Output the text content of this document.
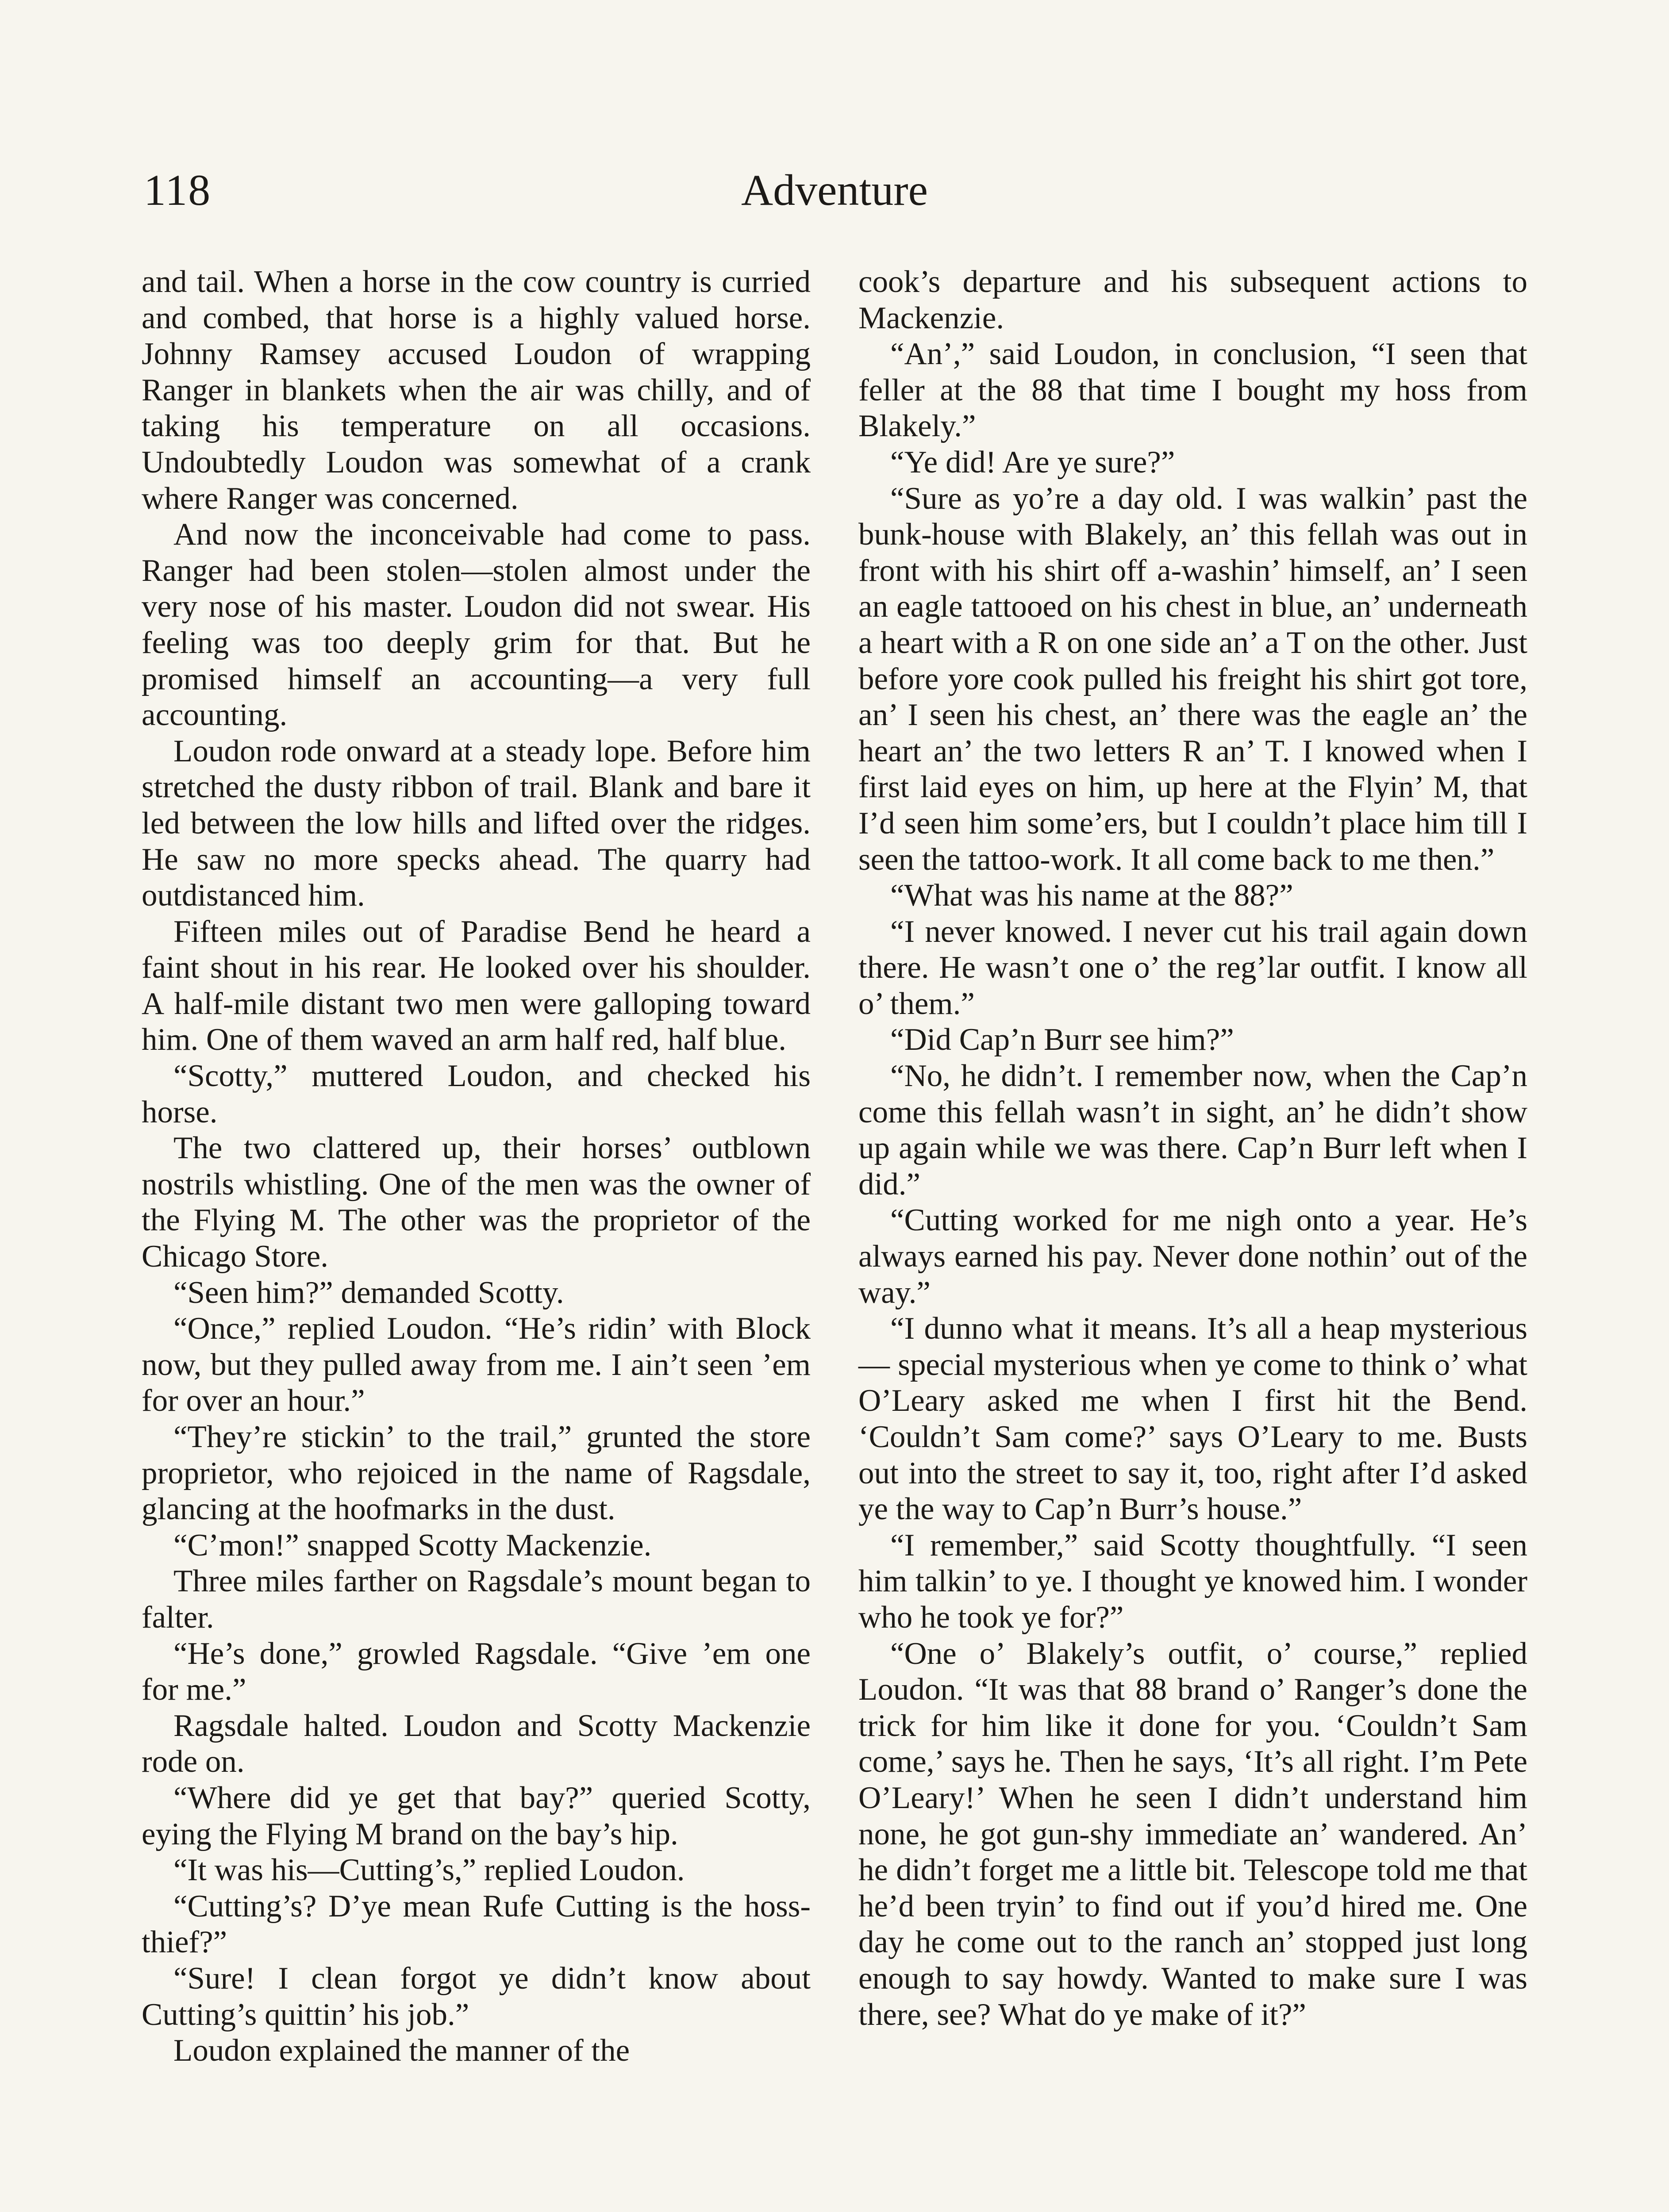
118	Adventure

and tail. When a horse in the cow country is curried and combed, that horse is a highly valued horse. Johnny Ramsey accused Loudon of wrapping Ranger in blankets when the air was chilly, and of taking his temperature on all occasions. Undoubtedly Loudon was somewhat of a crank where Ranger was concerned.

And now the inconceivable had come to pass. Ranger had been stolen—stolen almost under the very nose of his master. Loudon did not swear. His feeling was too deeply grim for that. But he promised himself an accounting—a very full accounting.

Loudon rode onward at a steady lope. Before him stretched the dusty ribbon of trail. Blank and bare it led between the low hills and lifted over the ridges. He saw no more specks ahead. The quarry had outdistanced him.

Fifteen miles out of Paradise Bend he heard a faint shout in his rear. He looked over his shoulder. A half-mile distant two men were galloping toward him. One of them waved an arm half red, half blue.

“Scotty,” muttered Loudon, and checked his horse.

The two clattered up, their horses’ outblown nostrils whistling. One of the men was the owner of the Flying M. The other was the proprietor of the Chicago Store.

“Seen him?” demanded Scotty.

“Once,” replied Loudon. “He’s ridin’ with Block now, but they pulled away from me. I ain’t seen ’em for over an hour.”

“They’re stickin’ to the trail,” grunted the store proprietor, who rejoiced in the name of Ragsdale, glancing at the hoofmarks in the dust.

“C’mon!” snapped Scotty Mackenzie.

Three miles farther on Ragsdale’s mount began to falter.

“He’s done,” growled Ragsdale. “Give ’em one for me.”

Ragsdale halted. Loudon and Scotty Mackenzie rode on.

“Where did ye get that bay?” queried Scotty, eying the Flying M brand on the bay’s hip.

“It was his—Cutting’s,” replied Loudon.

“Cutting’s? D’ye mean Rufe Cutting is the hoss-thief?”

“Sure! I clean forgot ye didn’t know about Cutting’s quittin’ his job.”

Loudon explained the manner of the

cook’s departure and his subsequent actions to Mackenzie.

“An’,” said Loudon, in conclusion, “I seen that feller at the 88 that time I bought my hoss from Blakely.”

“Ye did! Are ye sure?”

“Sure as yo’re a day old. I was walkin’ past the bunk-house with Blakely, an’ this fellah was out in front with his shirt off a-washin’ himself, an’ I seen an eagle tattooed on his chest in blue, an’ underneath a heart with a R on one side an’ a T on the other. Just before yore cook pulled his freight his shirt got tore, an’ I seen his chest, an’ there was the eagle an’ the heart an’ the two letters R an’ T. I knowed when I first laid eyes on him, up here at the Flyin’ M, that I’d seen him some’ers, but I couldn’t place him till I seen the tattoo-work. It all come back to me then.”

“What was his name at the 88?”

“I never knowed. I never cut his trail again down there. He wasn’t one o’ the reg’lar outfit. I know all o’ them.”

“Did Cap’n Burr see him?”

“No, he didn’t. I remember now, when the Cap’n come this fellah wasn’t in sight, an’ he didn’t show up again while we was there. Cap’n Burr left when I did.”

“Cutting worked for me nigh onto a year. He’s always earned his pay. Never done nothin’ out of the way.”

“I dunno what it means. It’s all a heap mysterious — special mysterious when ye come to think o’ what O’Leary asked me when I first hit the Bend. ‘Couldn’t Sam come?’ says O’Leary to me. Busts out into the street to say it, too, right after I’d asked ye the way to Cap’n Burr’s house.”

“I remember,” said Scotty thoughtfully. “I seen him talkin’ to ye. I thought ye knowed him. I wonder who he took ye for?”

“One o’ Blakely’s outfit, o’ course,” replied Loudon. “It was that 88 brand o’ Ranger’s done the trick for him like it done for you. ‘Couldn’t Sam come,’ says he. Then he says, ‘It’s all right. I’m Pete O’Leary!’ When he seen I didn’t understand him none, he got gun-shy immediate an’ wandered. An’ he didn’t forget me a little bit. Telescope told me that he’d been tryin’ to find out if you’d hired me. One day he come out to the ranch an’ stopped just long enough to say howdy. Wanted to make sure I was there, see? What do ye make of it?”
